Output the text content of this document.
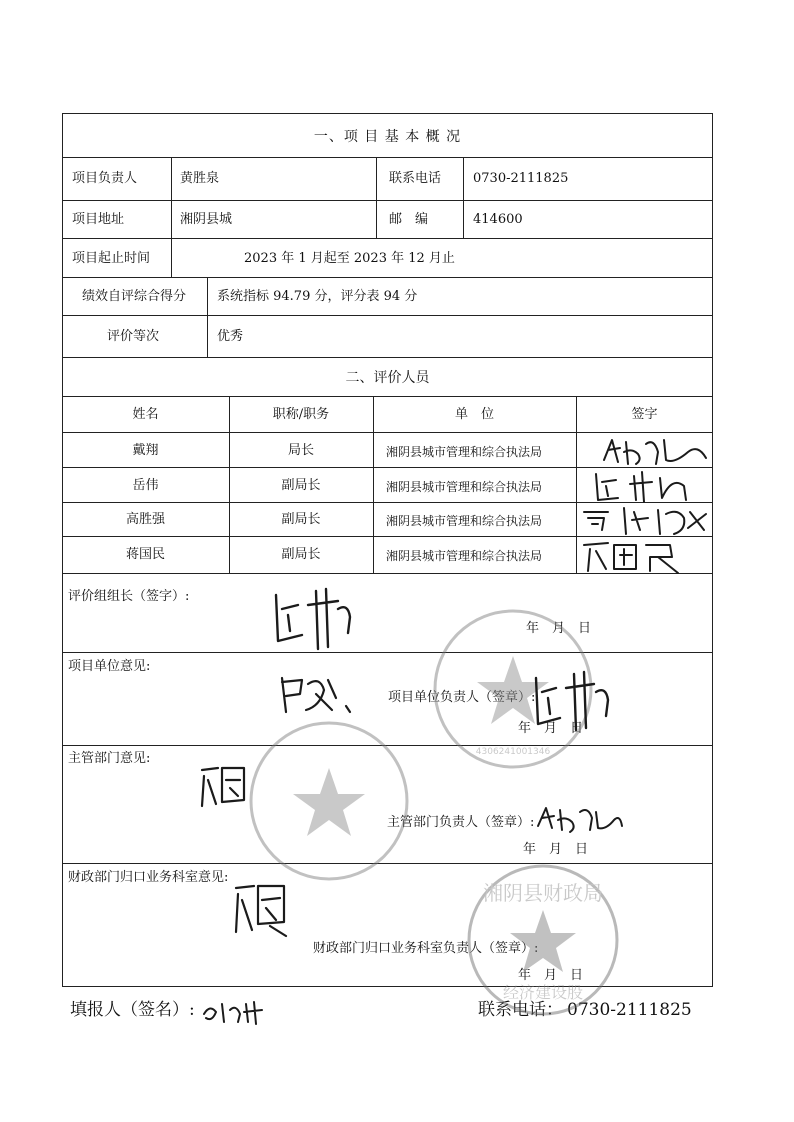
一、项 目 基 本 概 况
项目负责人	黄胜泉	联系电话 0730-2111825
项目地址	湘阴县城	邮　编	414600
项目起止时间	2023 年 1 月起至 2023 年 12 月止
绩效自评综合得分 系统指标 94.79 分，评分表 94 分
评价等次	优秀
二、评价人员
姓名	职称/职务	单　位	签字
戴翔	局长	湘阴县城市管理和综合执法局
岳伟	副局长	湘阴县城市管理和综合执法局
高胜强	副局长	湘阴县城市管理和综合执法局
蒋国民	副局长	湘阴县城市管理和综合执法局
评价组组长（签字）:
年　月　日
项目单位意见:
项目单位负责人（签章）:
年　月　日
主管部门意见:
主管部门负责人（签章）:
年　月　日
财政部门归口业务科室意见:
财政部门归口业务科室负责人（签章）:
年　月　日
填报人（签名）:	联系电话： 0730-2111825
4306241001346
湘阴县财政局
经济建设股
